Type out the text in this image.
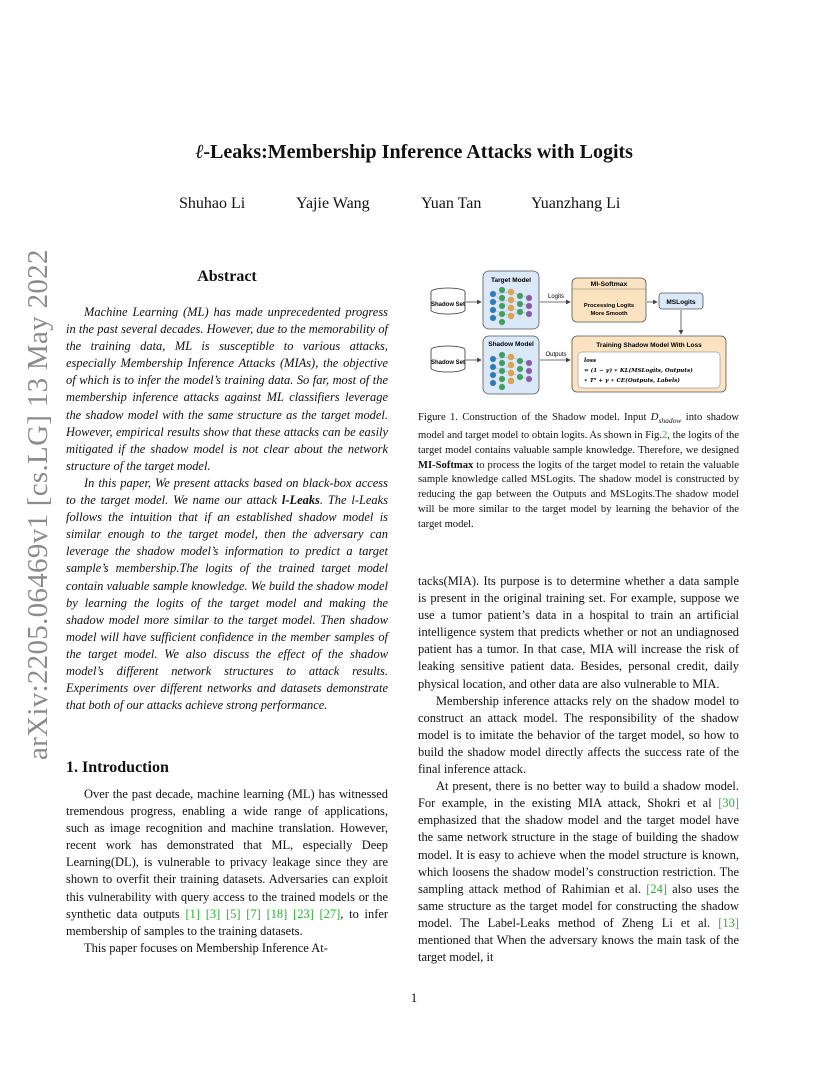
arXiv:2205.06469v1 [cs.LG] 13 May 2022
ℓ-Leaks:Membership Inference Attacks with Logits
Shuhao Li	Yajie Wang	Yuan Tan	Yuanzhang Li
Abstract

Machine Learning (ML) has made unprecedented progress in the past several decades. However, due to the memorability of the training data, ML is susceptible to various attacks, especially Membership Inference Attacks (MIAs), the objective of which is to infer the model’s training data. So far, most of the membership inference attacks against ML classifiers leverage the shadow model with the same structure as the target model. However, empirical results show that these attacks can be easily mitigated if the shadow model is not clear about the network structure of the target model.

In this paper, We present attacks based on black-box access to the target model. We name our attack l-Leaks. The l-Leaks follows the intuition that if an established shadow model is similar enough to the target model, then the adversary can leverage the shadow model’s information to predict a target sample’s membership.The logits of the trained target model contain valuable sample knowledge. We build the shadow model by learning the logits of the target model and making the shadow model more similar to the target model. Then shadow model will have sufficient confidence in the member samples of the target model. We also discuss the effect of the shadow model’s different network structures to attack results. Experiments over different networks and datasets demonstrate that both of our attacks achieve strong performance.

1. Introduction

Over the past decade, machine learning (ML) has witnessed tremendous progress, enabling a wide range of applications, such as image recognition and machine translation. However, recent work has demonstrated that ML, especially Deep Learning(DL), is vulnerable to privacy leakage since they are shown to overfit their training datasets. Adversaries can exploit this vulnerability with query access to the trained models or the synthetic data outputs [1] [3] [5] [7] [18] [23] [27], to infer membership of samples to the training datasets.

This paper focuses on Membership Inference At-

Shadow Set
Shadow Set
Target Model
Shadow Model
Logits
Outputs
MI-Softmax
Processing Logits
More Smooth
MSLogits
Training Shadow Model With Loss
loss
= (1 − γ) ∗ KL(MSLogits, Outputs)
∗ T² + γ ∗ CE(Outputs, Labels)

Figure 1. Construction of the Shadow model. Input $D_{shadow}$ into shadow model and target model to obtain logits. As shown in Fig.2, the logits of the target model contains valuable sample knowledge. Therefore, we designed MI-Softmax to process the logits of the target model to retain the valuable sample knowledge called MSLogits. The shadow model is constructed by reducing the gap between the Outputs and MSLogits.The shadow model will be more similar to the target model by learning the behavior of the target model.

tacks(MIA). Its purpose is to determine whether a data sample is present in the original training set. For example, suppose we use a tumor patient’s data in a hospital to train an artificial intelligence system that predicts whether or not an undiagnosed patient has a tumor. In that case, MIA will increase the risk of leaking sensitive patient data. Besides, personal credit, daily physical location, and other data are also vulnerable to MIA.

Membership inference attacks rely on the shadow model to construct an attack model. The responsibility of the shadow model is to imitate the behavior of the target model, so how to build the shadow model directly affects the success rate of the final inference attack.

At present, there is no better way to build a shadow model. For example, in the existing MIA attack, Shokri et al [30] emphasized that the shadow model and the target model have the same network structure in the stage of building the shadow model. It is easy to achieve when the model structure is known, which loosens the shadow model’s construction restriction. The sampling attack method of Rahimian et al. [24] also uses the same structure as the target model for constructing the shadow model. The Label-Leaks method of Zheng Li et al. [13] mentioned that When the adversary knows the main task of the target model, it

1
